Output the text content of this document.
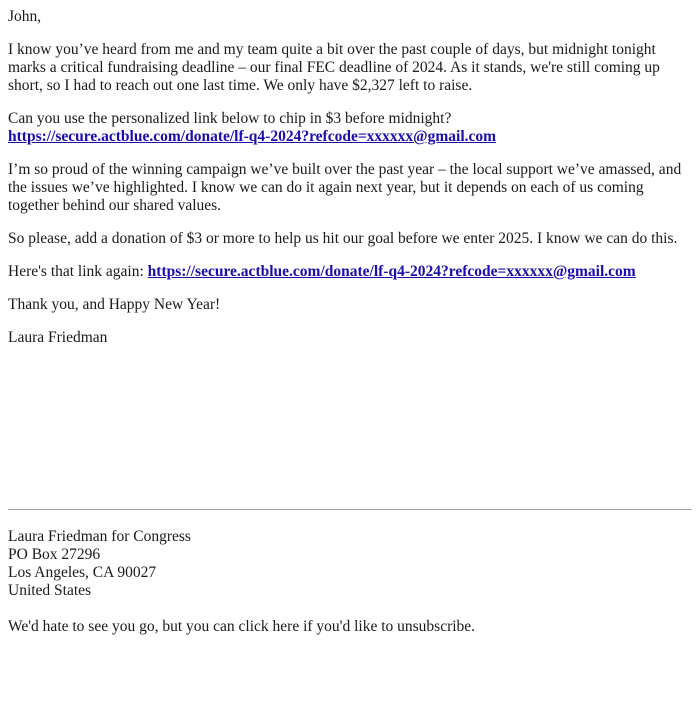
John,

I know you’ve heard from me and my team quite a bit over the past couple of days, but midnight tonight marks a critical fundraising deadline – our final FEC deadline of 2024. As it stands, we're still coming up short, so I had to reach out one last time. We only have $2,327 left to raise.

Can you use the personalized link below to chip in $3 before midnight? https://secure.actblue.com/donate/lf-q4-2024?refcode=xxxxxx@gmail.com

I’m so proud of the winning campaign we’ve built over the past year – the local support we’ve amassed, and the issues we’ve highlighted. I know we can do it again next year, but it depends on each of us coming together behind our shared values.

So please, add a donation of $3 or more to help us hit our goal before we enter 2025. I know we can do this.

Here's that link again: https://secure.actblue.com/donate/lf-q4-2024?refcode=xxxxxx@gmail.com

Thank you, and Happy New Year!

Laura Friedman

Laura Friedman for Congress

PO Box 27296

Los Angeles, CA 90027

United States

We'd hate to see you go, but you can click here if you'd like to unsubscribe.
